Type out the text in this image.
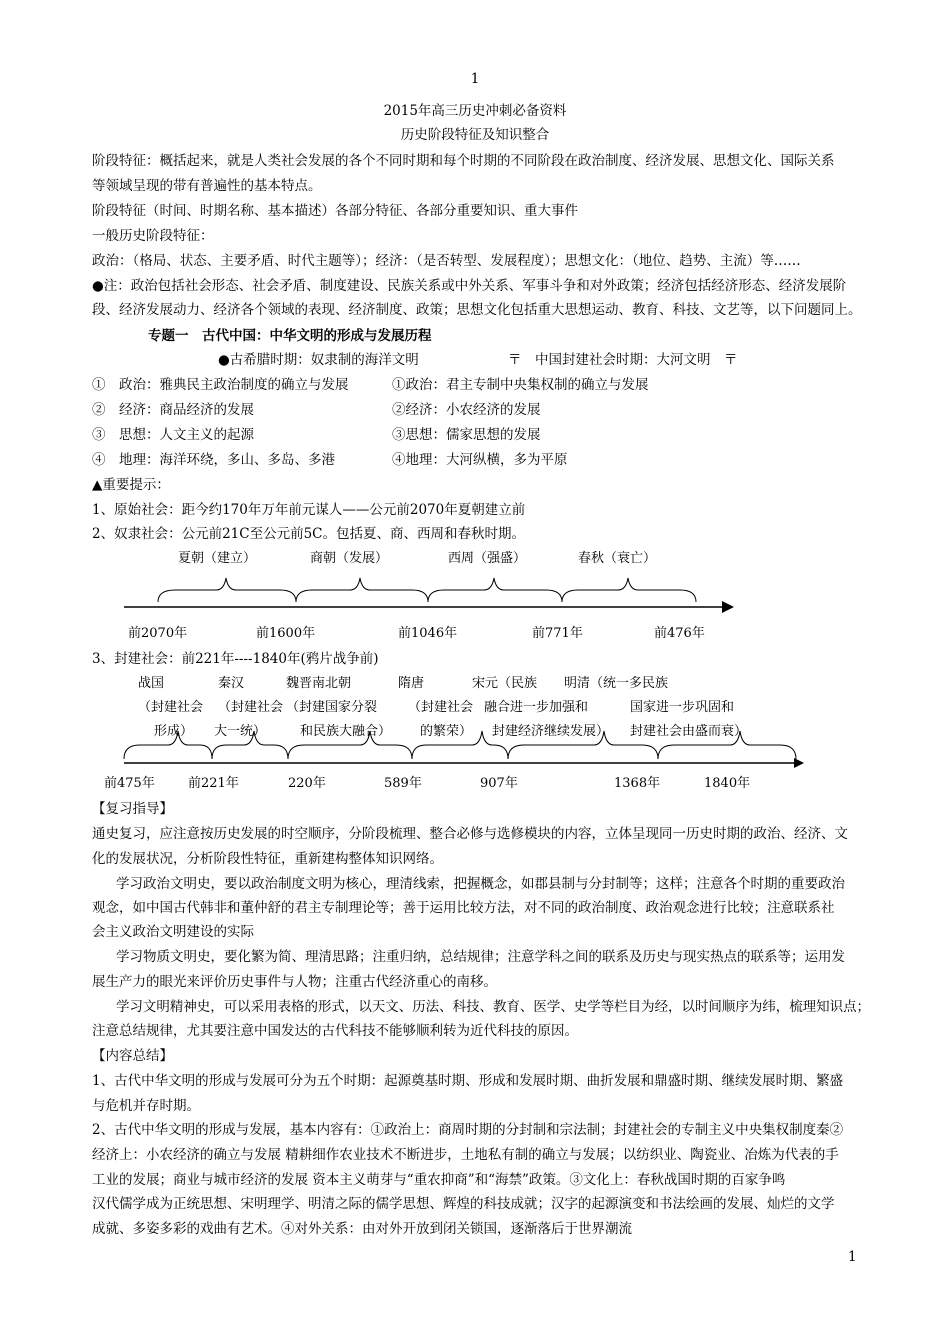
1
2015年高三历史冲刺必备资料
历史阶段特征及知识整合
阶段特征：概括起来，就是人类社会发展的各个不同时期和每个时期的不同阶段在政治制度、经济发展、思想文化、国际关系
等领域呈现的带有普遍性的基本特点。
阶段特征（时间、时期名称、基本描述）各部分特征、各部分重要知识、重大事件
一般历史阶段特征：
政治：（格局、状态、主要矛盾、时代主题等）；经济：（是否转型、发展程度）；思想文化：（地位、趋势、主流）等……
●注：政治包括社会形态、社会矛盾、制度建设、民族关系或中外关系、军事斗争和对外政策；经济包括经济形态、经济发展阶
段、经济发展动力、经济各个领域的表现、经济制度、政策；思想文化包括重大思想运动、教育、科技、文艺等，以下问题同上。
专题一　古代中国：中华文明的形成与发展历程
●古希腊时期：奴隶制的海洋文明	〒　中国封建社会时期：大河文明　〒
①　政治：雅典民主政治制度的确立与发展	①政治：君主专制中央集权制的确立与发展
②　经济：商品经济的发展	②经济：小农经济的发展
③　思想：人文主义的起源	③思想：儒家思想的发展
④　地理：海洋环绕，多山、多岛、多港	④地理：大河纵横，多为平原
▲重要提示：
1、原始社会：距今约170年万年前元谋人——公元前2070年夏朝建立前
2、奴隶社会：公元前21C至公元前5C。包括夏、商、西周和春秋时期。
夏朝（建立）	商朝（发展）	西周（强盛）	春秋（衰亡）
前2070年	前1600年	前1046年	前771年	前476年
3、封建社会：前221年----1840年(鸦片战争前)
战国	秦汉	魏晋南北朝	隋唐	宋元（民族 明清（统一多民族
（封建社会 （封建社会 （封建国家分裂 （封建社会 融合进一步加强和	国家进一步巩固和
形成） 大一统）	和民族大融合） 的繁荣） 封建经济继续发展） 封建社会由盛而衰）
前475年	前221年	220年	589年	907年	1368年	1840年
【复习指导】
通史复习，应注意按历史发展的时空顺序，分阶段梳理、整合必修与选修模块的内容，立体呈现同一历史时期的政治、经济、文
化的发展状况，分析阶段性特征，重新建构整体知识网络。
学习政治文明史，要以政治制度文明为核心，理清线索，把握概念，如郡县制与分封制等；这样；注意各个时期的重要政治
观念，如中国古代韩非和董仲舒的君主专制理论等；善于运用比较方法，对不同的政治制度、政治观念进行比较；注意联系社
会主义政治文明建设的实际
学习物质文明史，要化繁为简、理清思路；注重归纳，总结规律；注意学科之间的联系及历史与现实热点的联系等；运用发
展生产力的眼光来评价历史事件与人物；注重古代经济重心的南移。
学习文明精神史，可以采用表格的形式，以天文、历法、科技、教育、医学、史学等栏目为经，以时间顺序为纬，梳理知识点；
注意总结规律，尤其要注意中国发达的古代科技不能够顺利转为近代科技的原因。
【内容总结】
1、古代中华文明的形成与发展可分为五个时期：起源奠基时期、形成和发展时期、曲折发展和鼎盛时期、继续发展时期、繁盛
与危机并存时期。
2、古代中华文明的形成与发展，基本内容有：①政治上：商周时期的分封制和宗法制；封建社会的专制主义中央集权制度秦②
经济上：小农经济的确立与发展 精耕细作农业技术不断进步，土地私有制的确立与发展；以纺织业、陶瓷业、冶炼为代表的手
工业的发展；商业与城市经济的发展 资本主义萌芽与“重农抑商”和“海禁”政策。③文化上：春秋战国时期的百家争鸣
汉代儒学成为正统思想、宋明理学、明清之际的儒学思想、辉煌的科技成就；汉字的起源演变和书法绘画的发展、灿烂的文学
成就、多姿多彩的戏曲有艺术。④对外关系：由对外开放到闭关锁国，逐渐落后于世界潮流
1
